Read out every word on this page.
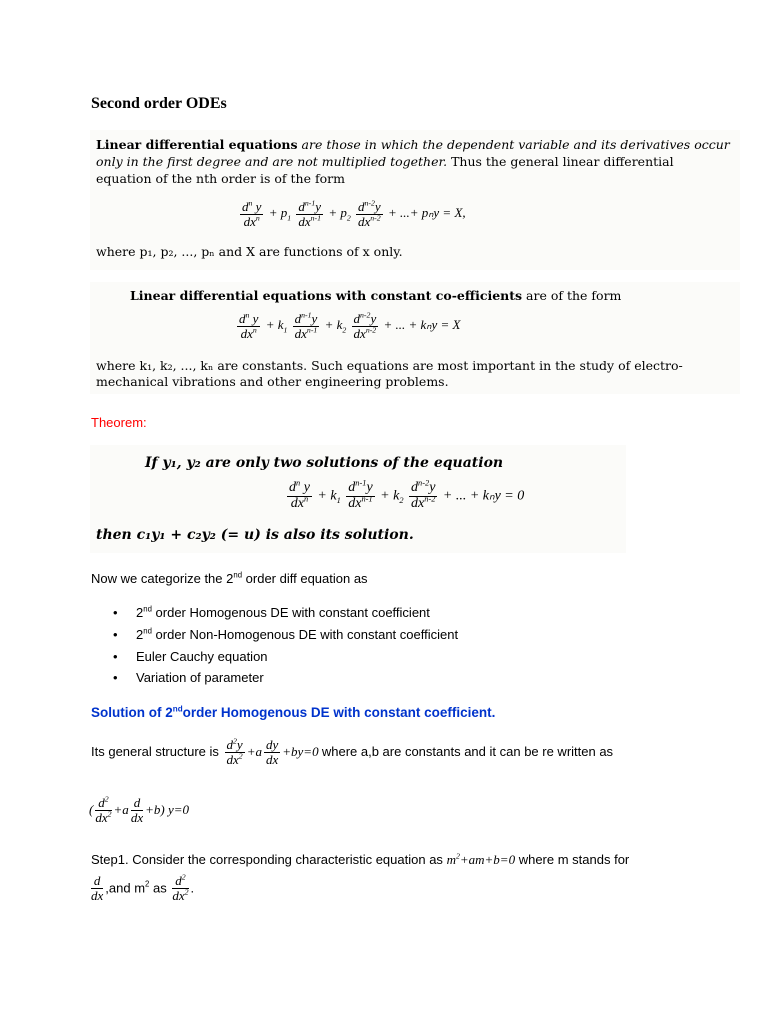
Second order ODEs
Linear differential equations are those in which the dependent variable and its derivatives occur only in the first degree and are not multiplied together. Thus the general linear differential equation of the nth order is of the form
$\frac{d^n y}{dx^n} + p_1 \frac{d^{n-1}y}{dx^{n-1}} + p_2 \frac{d^{n-2}y}{dx^{n-2}}$ + ...+ pₙy = X,
where p₁, p₂, ..., pₙ and X are functions of x only.
Linear differential equations with constant co-efficients are of the form
$\frac{d^n y}{dx^n} + k_1 \frac{d^{n-1}y}{dx^{n-1}} + k_2 \frac{d^{n-2}y}{dx^{n-2}}$ + ... + kₙy = X
where k₁, k₂, ..., kₙ are constants. Such equations are most important in the study of electro-mechanical vibrations and other engineering problems.
Theorem:
If y₁, y₂ are only two solutions of the equation
$\frac{d^n y}{dx^n} + k_1 \frac{d^{n-1}y}{dx^{n-1}} + k_2 \frac{d^{n-2}y}{dx^{n-2}}$ + ... + kₙy = 0
then c₁y₁ + c₂y₂ (= u) is also its solution.
Now we categorize the 2nd order diff equation as
• 2nd order Homogenous DE with constant coefficient
• 2nd order Non-Homogenous DE with constant coefficient
• Euler Cauchy equation
• Variation of parameter
Solution of 2ndorder Homogenous DE with constant coefficient.
Its general structure is $\frac{d^2y}{dx^2} +a \frac{dy}{dx} +by=0$ where a,b are constants and it can be re written as
( $\frac{d^2}{dx^2} +a \frac{d}{dx} +b$) y=0
Step1. Consider the corresponding characteristic equation as $m^2+am+b=0$ where m stands for
$\frac{d}{dx} ,and$ $m^2$ as $\frac{d^2}{dx^2}$ .
